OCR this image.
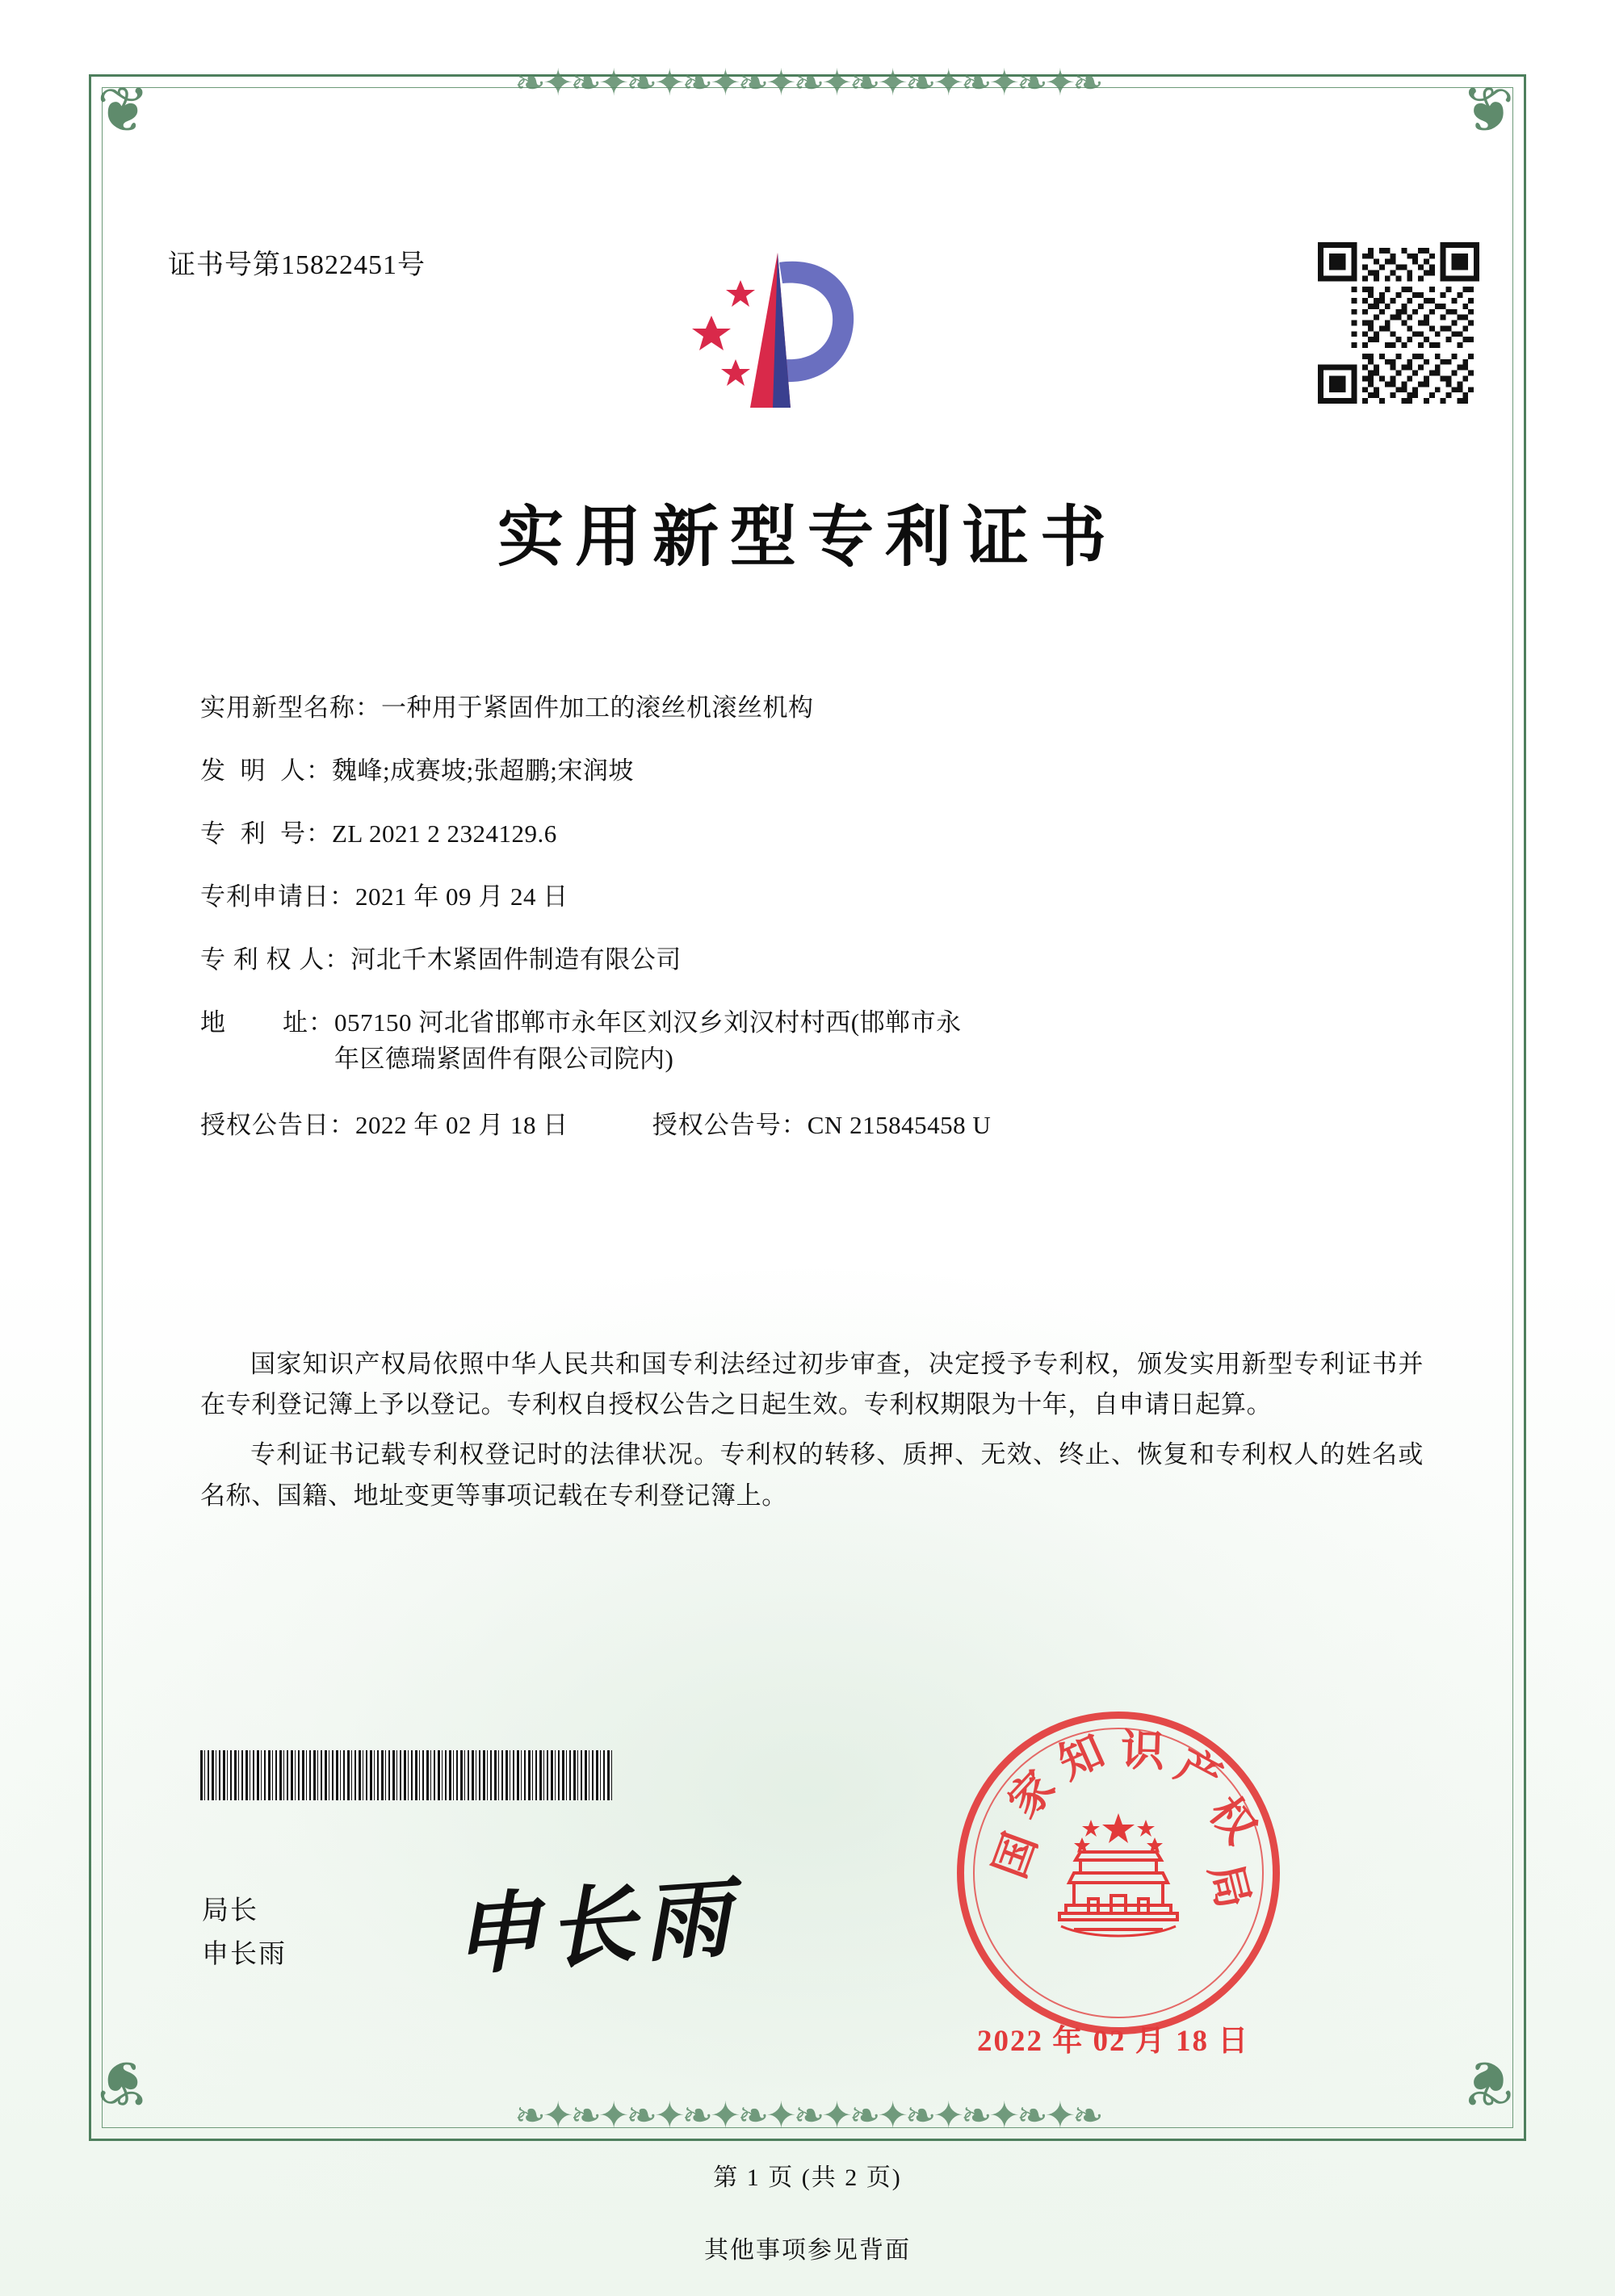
❧✦❧✦❧✦❧✦❧✦❧✦❧✦❧✦❧✦❧✦❧
❧✦❧✦❧✦❧✦❧✦❧✦❧✦❧✦❧✦❧✦❧
❦	❦
❦	❦
证书号第15822451号
实用新型专利证书
实用新型名称： 一种用于紧固件加工的滚丝机滚丝机构
发  明  人： 魏峰;成赛坡;张超鹏;宋润坡
专  利  号： ZL 2021 2 2324129.6
专利申请日： 2021 年 09 月 24 日
专 利 权 人： 河北千木紧固件制造有限公司
地        址： 057150 河北省邯郸市永年区刘汉乡刘汉村村西(邯郸市永
年区德瑞紧固件有限公司院内)
授权公告日： 2022 年 02 月 18 日	授权公告号： CN 215845458 U

国家知识产权局依照中华人民共和国专利法经过初步审查，决定授予专利权，颁发实用新型专利证书并在专利登记簿上予以登记。专利权自授权公告之日起生效。专利权期限为十年，自申请日起算。

专利证书记载专利权登记时的法律状况。专利权的转移、质押、无效、终止、恢复和专利权人的姓名或名称、国籍、地址变更等事项记载在专利登记簿上。

局长
申长雨 申长雨
国
家
知 识 产
权
局
2022 年 02 月 18 日
第 1 页 (共 2 页)
其他事项参见背面
